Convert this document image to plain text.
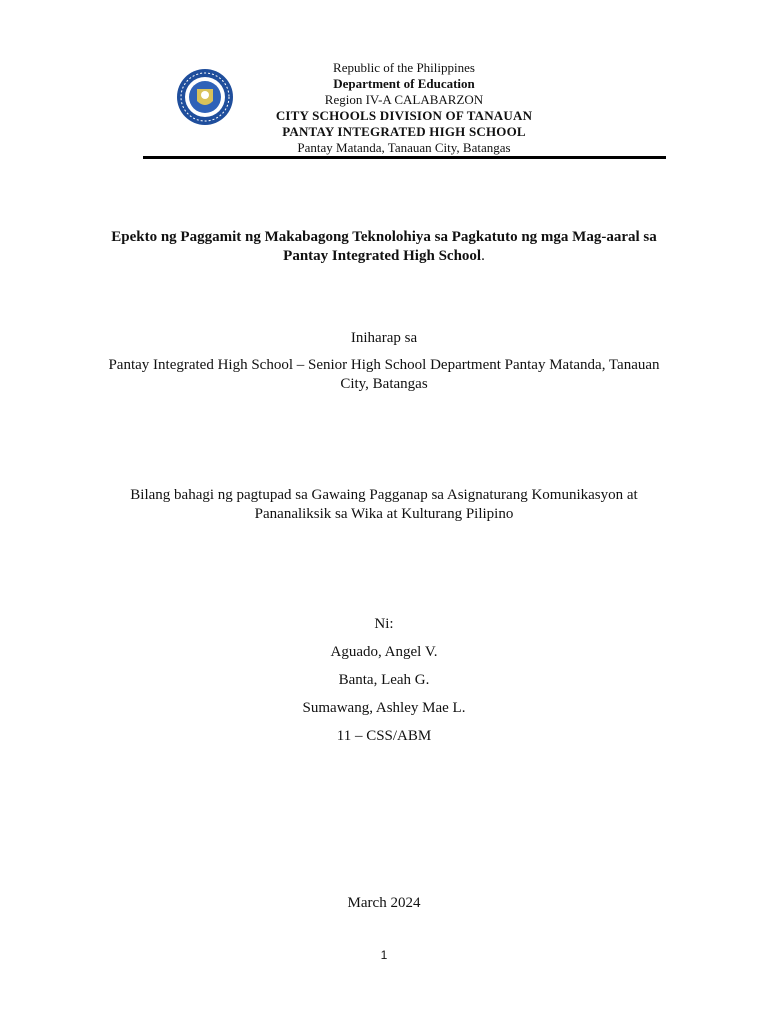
Republic of the Philippines
Department of Education
Region IV-A CALABARZON
CITY SCHOOLS DIVISION OF TANAUAN
PANTAY INTEGRATED HIGH SCHOOL
Pantay Matanda, Tanauan City, Batangas
Epekto ng Paggamit ng Makabagong Teknolohiya sa Pagkatuto ng mga Mag-aaral sa
Pantay Integrated High School.
Iniharap sa
Pantay Integrated High School – Senior High School Department Pantay Matanda, Tanauan
City, Batangas
Bilang bahagi ng pagtupad sa Gawaing Pagganap sa Asignaturang Komunikasyon at
Pananaliksik sa Wika at Kulturang Pilipino
Ni:
Aguado, Angel V.
Banta, Leah G.
Sumawang, Ashley Mae L.
11 – CSS/ABM
March 2024
1
